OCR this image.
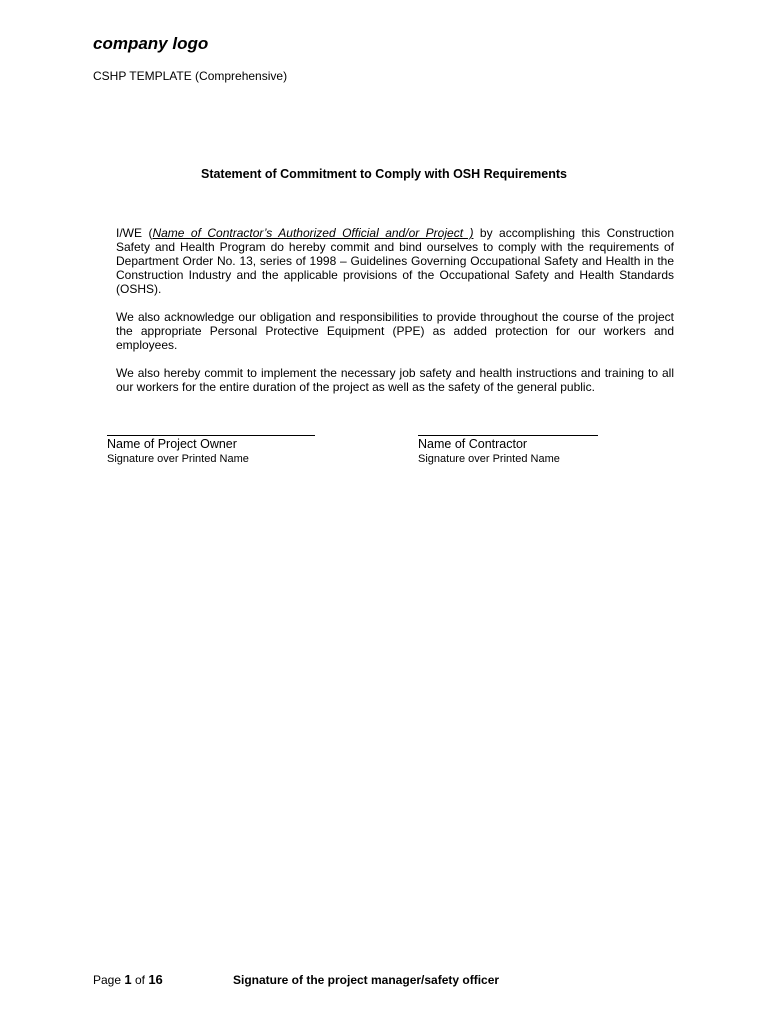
company logo
CSHP TEMPLATE (Comprehensive)
Statement of Commitment to Comply with OSH Requirements

I/WE (Name of Contractor’s Authorized Official and/or Project ) by accomplishing this Construction Safety and Health Program do hereby commit and bind ourselves to comply with the requirements of Department Order No. 13, series of 1998 – Guidelines Governing Occupational Safety and Health in the Construction Industry and the applicable provisions of the Occupational Safety and Health Standards (OSHS).

We also acknowledge our obligation and responsibilities to provide throughout the course of the project the appropriate Personal Protective Equipment (PPE) as added protection for our workers and employees.

We also hereby commit to implement the necessary job safety and health instructions and training to all our workers for the entire duration of the project as well as the safety of the general public.

Name of Project Owner
Signature over Printed Name
Name of Contractor
Signature over Printed Name
Page 1 of 16	Signature of the project manager/safety officer
